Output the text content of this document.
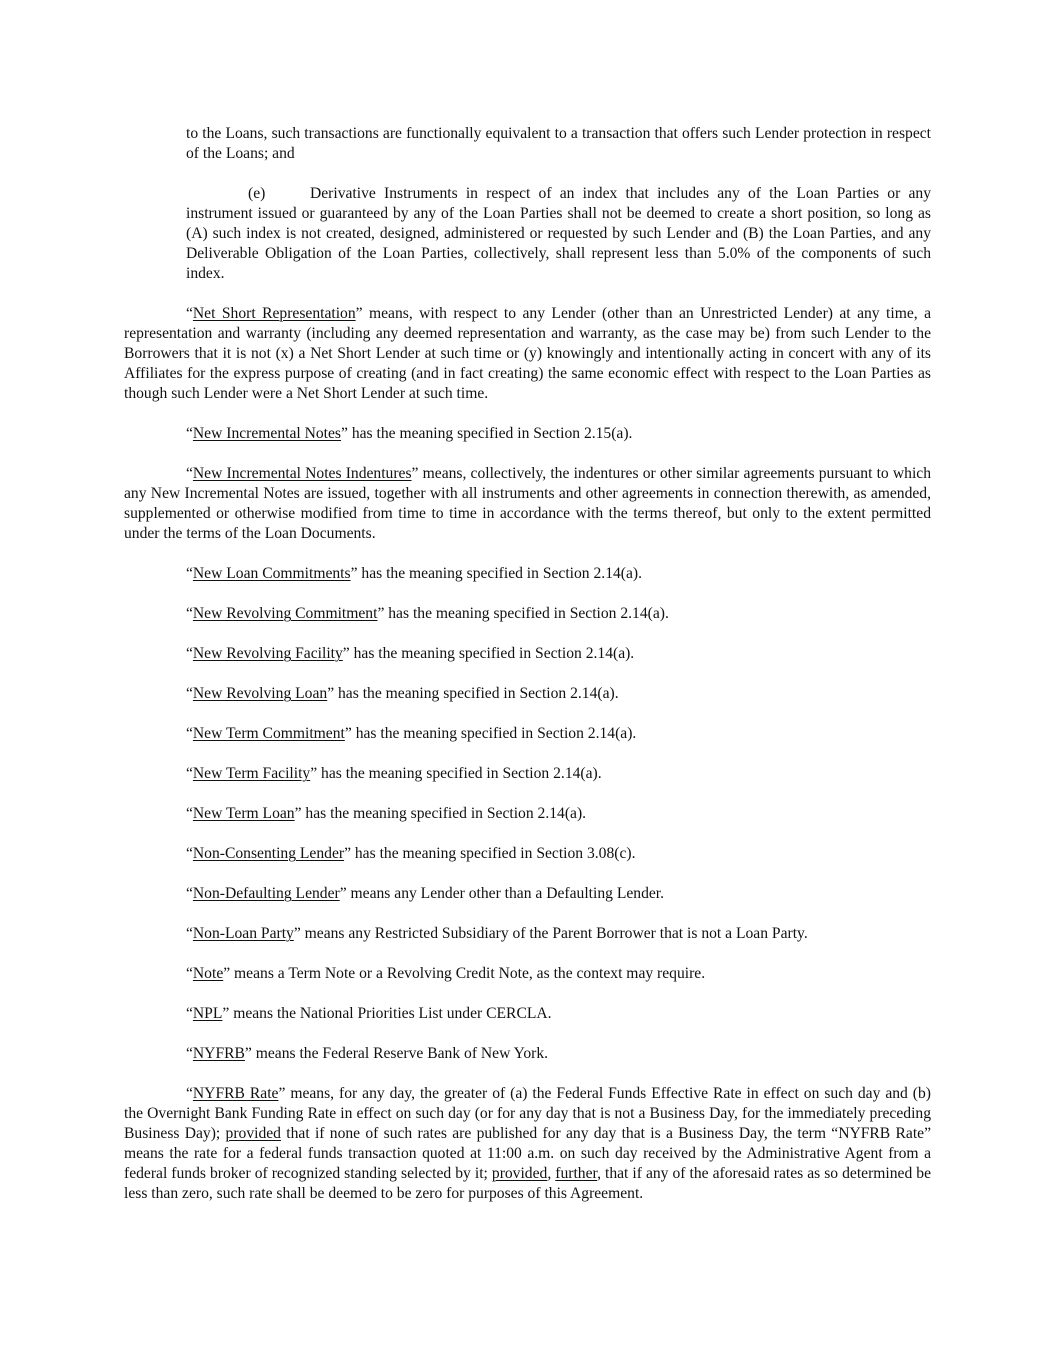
to the Loans, such transactions are functionally equivalent to a transaction that offers such Lender protection in respect of the Loans; and

(e)	Derivative Instruments in respect of an index that includes any of the Loan Parties or any instrument issued or guaranteed by any of the Loan Parties shall not be deemed to create a short position, so long as (A) such index is not created, designed, administered or requested by such Lender and (B) the Loan Parties, and any Deliverable Obligation of the Loan Parties, collectively, shall represent less than 5.0% of the components of such index.

“Net Short Representation” means, with respect to any Lender (other than an Unrestricted Lender) at any time, a representation and warranty (including any deemed representation and warranty, as the case may be) from such Lender to the Borrowers that it is not (x) a Net Short Lender at such time or (y) knowingly and intentionally acting in concert with any of its Affiliates for the express purpose of creating (and in fact creating) the same economic effect with respect to the Loan Parties as though such Lender were a Net Short Lender at such time.

“New Incremental Notes” has the meaning specified in Section 2.15(a).

“New Incremental Notes Indentures” means, collectively, the indentures or other similar agreements pursuant to which any New Incremental Notes are issued, together with all instruments and other agreements in connection therewith, as amended, supplemented or otherwise modified from time to time in accordance with the terms thereof, but only to the extent permitted under the terms of the Loan Documents.

“New Loan Commitments” has the meaning specified in Section 2.14(a).

“New Revolving Commitment” has the meaning specified in Section 2.14(a).

“New Revolving Facility” has the meaning specified in Section 2.14(a).

“New Revolving Loan” has the meaning specified in Section 2.14(a).

“New Term Commitment” has the meaning specified in Section 2.14(a).

“New Term Facility” has the meaning specified in Section 2.14(a).

“New Term Loan” has the meaning specified in Section 2.14(a).

“Non-Consenting Lender” has the meaning specified in Section 3.08(c).

“Non-Defaulting Lender” means any Lender other than a Defaulting Lender.

“Non-Loan Party” means any Restricted Subsidiary of the Parent Borrower that is not a Loan Party.

“Note” means a Term Note or a Revolving Credit Note, as the context may require.

“NPL” means the National Priorities List under CERCLA.

“NYFRB” means the Federal Reserve Bank of New York.

“NYFRB Rate” means, for any day, the greater of (a) the Federal Funds Effective Rate in effect on such day and (b) the Overnight Bank Funding Rate in effect on such day (or for any day that is not a Business Day, for the immediately preceding Business Day); provided that if none of such rates are published for any day that is a Business Day, the term “NYFRB Rate” means the rate for a federal funds transaction quoted at 11:00 a.m. on such day received by the Administrative Agent from a federal funds broker of recognized standing selected by it; provided, further, that if any of the aforesaid rates as so determined be less than zero, such rate shall be deemed to be zero for purposes of this Agreement.
